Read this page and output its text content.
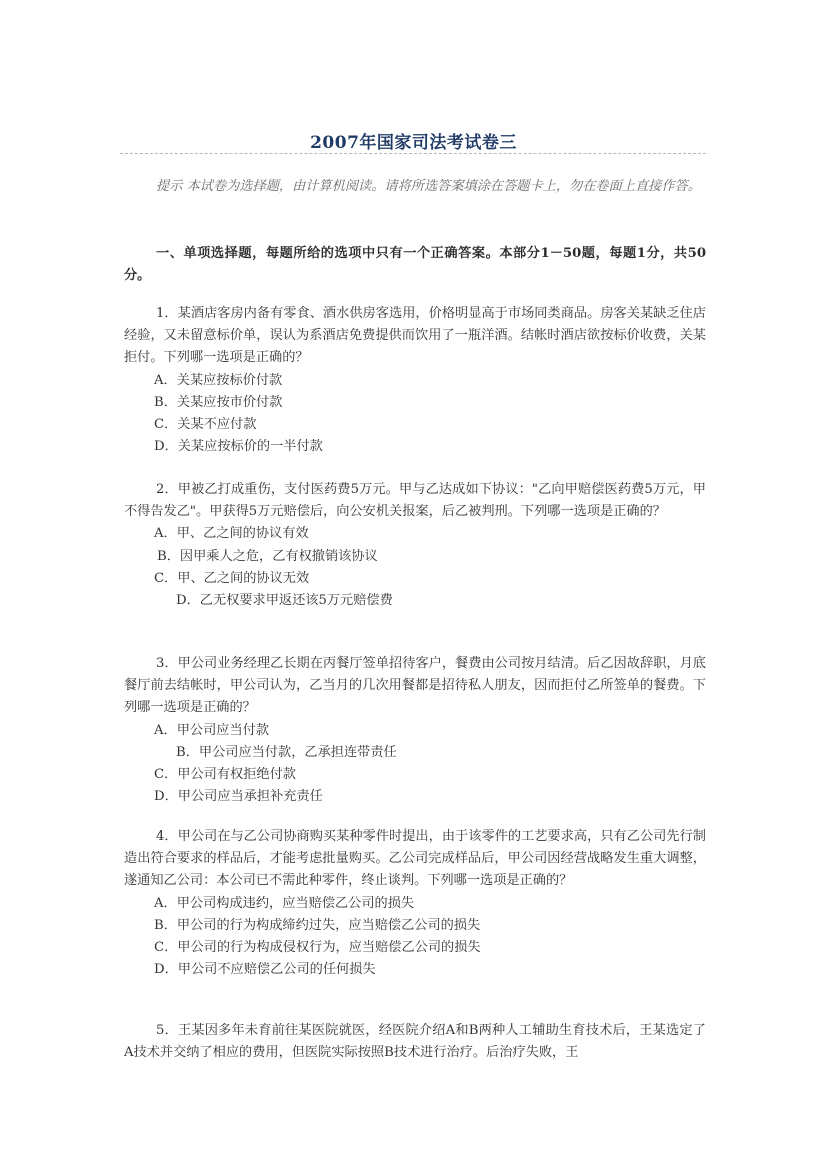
2007年国家司法考试卷三
提示 本试卷为选择题，由计算机阅读。请将所选答案填涂在答题卡上，勿在卷面上直接作答。
一、单项选择题，每题所给的选项中只有一个正确答案。本部分1－50题，每题1分，共50分。
1．某酒店客房内备有零食、酒水供房客选用，价格明显高于市场同类商品。房客关某缺乏住店经验，又未留意标价单，误认为系酒店免费提供而饮用了一瓶洋酒。结帐时酒店欲按标价收费，关某拒付。下列哪一选项是正确的？
A．关某应按标价付款
B．关某应按市价付款
C．关某不应付款
D．关某应按标价的一半付款
2．甲被乙打成重伤，支付医药费5万元。甲与乙达成如下协议："乙向甲赔偿医药费5万元，甲不得告发乙"。甲获得5万元赔偿后，向公安机关报案，后乙被判刑。下列哪一选项是正确的？
A．甲、乙之间的协议有效
B．因甲乘人之危，乙有权撤销该协议
C．甲、乙之间的协议无效
D．乙无权要求甲返还该5万元赔偿费
3．甲公司业务经理乙长期在丙餐厅签单招待客户，餐费由公司按月结清。后乙因故辞职，月底餐厅前去结帐时，甲公司认为，乙当月的几次用餐都是招待私人朋友，因而拒付乙所签单的餐费。下列哪一选项是正确的？
A．甲公司应当付款
B．甲公司应当付款，乙承担连带责任
C．甲公司有权拒绝付款
D．甲公司应当承担补充责任
4．甲公司在与乙公司协商购买某种零件时提出，由于该零件的工艺要求高，只有乙公司先行制造出符合要求的样品后，才能考虑批量购买。乙公司完成样品后，甲公司因经营战略发生重大调整，遂通知乙公司：本公司已不需此种零件，终止谈判。下列哪一选项是正确的？
A．甲公司构成违约，应当赔偿乙公司的损失
B．甲公司的行为构成缔约过失，应当赔偿乙公司的损失
C．甲公司的行为构成侵权行为，应当赔偿乙公司的损失
D．甲公司不应赔偿乙公司的任何损失
5．王某因多年未育前往某医院就医，经医院介绍A和B两种人工辅助生育技术后，王某选定了A技术并交纳了相应的费用，但医院实际按照B技术进行治疗。后治疗失败，王
